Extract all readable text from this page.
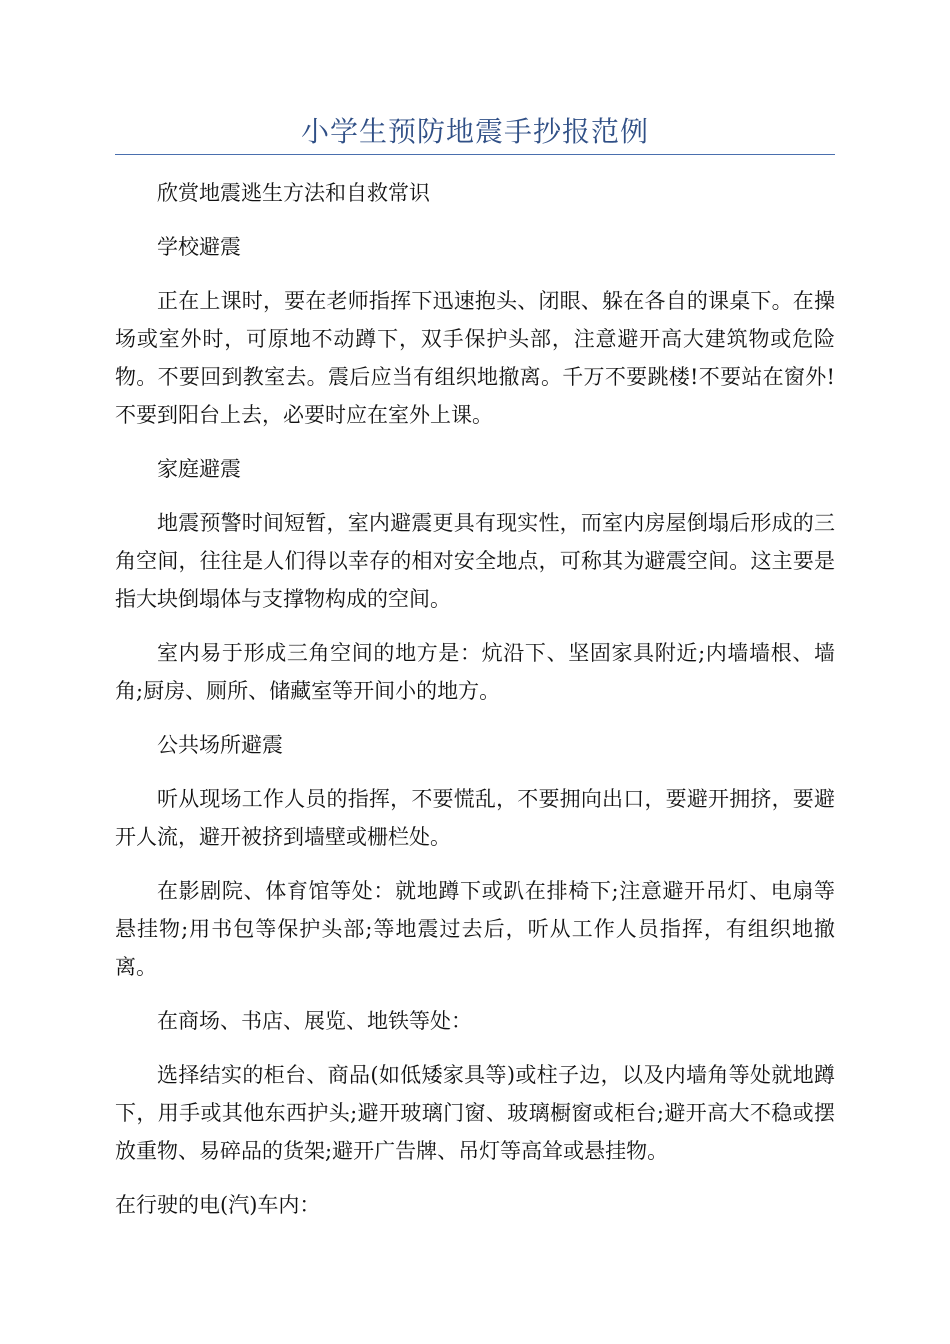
小学生预防地震手抄报范例

欣赏地震逃生方法和自救常识

学校避震

正在上课时，要在老师指挥下迅速抱头、闭眼、躲在各自的课桌下。在操场或室外时，可原地不动蹲下，双手保护头部，注意避开高大建筑物或危险物。不要回到教室去。震后应当有组织地撤离。千万不要跳楼!不要站在窗外!不要到阳台上去，必要时应在室外上课。

家庭避震

地震预警时间短暂，室内避震更具有现实性，而室内房屋倒塌后形成的三角空间，往往是人们得以幸存的相对安全地点，可称其为避震空间。这主要是指大块倒塌体与支撑物构成的空间。

室内易于形成三角空间的地方是：炕沿下、坚固家具附近;内墙墙根、墙角;厨房、厕所、储藏室等开间小的地方。

公共场所避震

听从现场工作人员的指挥，不要慌乱，不要拥向出口，要避开拥挤，要避开人流，避开被挤到墙壁或栅栏处。

在影剧院、体育馆等处：就地蹲下或趴在排椅下;注意避开吊灯、电扇等悬挂物;用书包等保护头部;等地震过去后，听从工作人员指挥，有组织地撤离。

在商场、书店、展览、地铁等处：

选择结实的柜台、商品(如低矮家具等)或柱子边，以及内墙角等处就地蹲下，用手或其他东西护头;避开玻璃门窗、玻璃橱窗或柜台;避开高大不稳或摆放重物、易碎品的货架;避开广告牌、吊灯等高耸或悬挂物。

在行驶的电(汽)车内：
